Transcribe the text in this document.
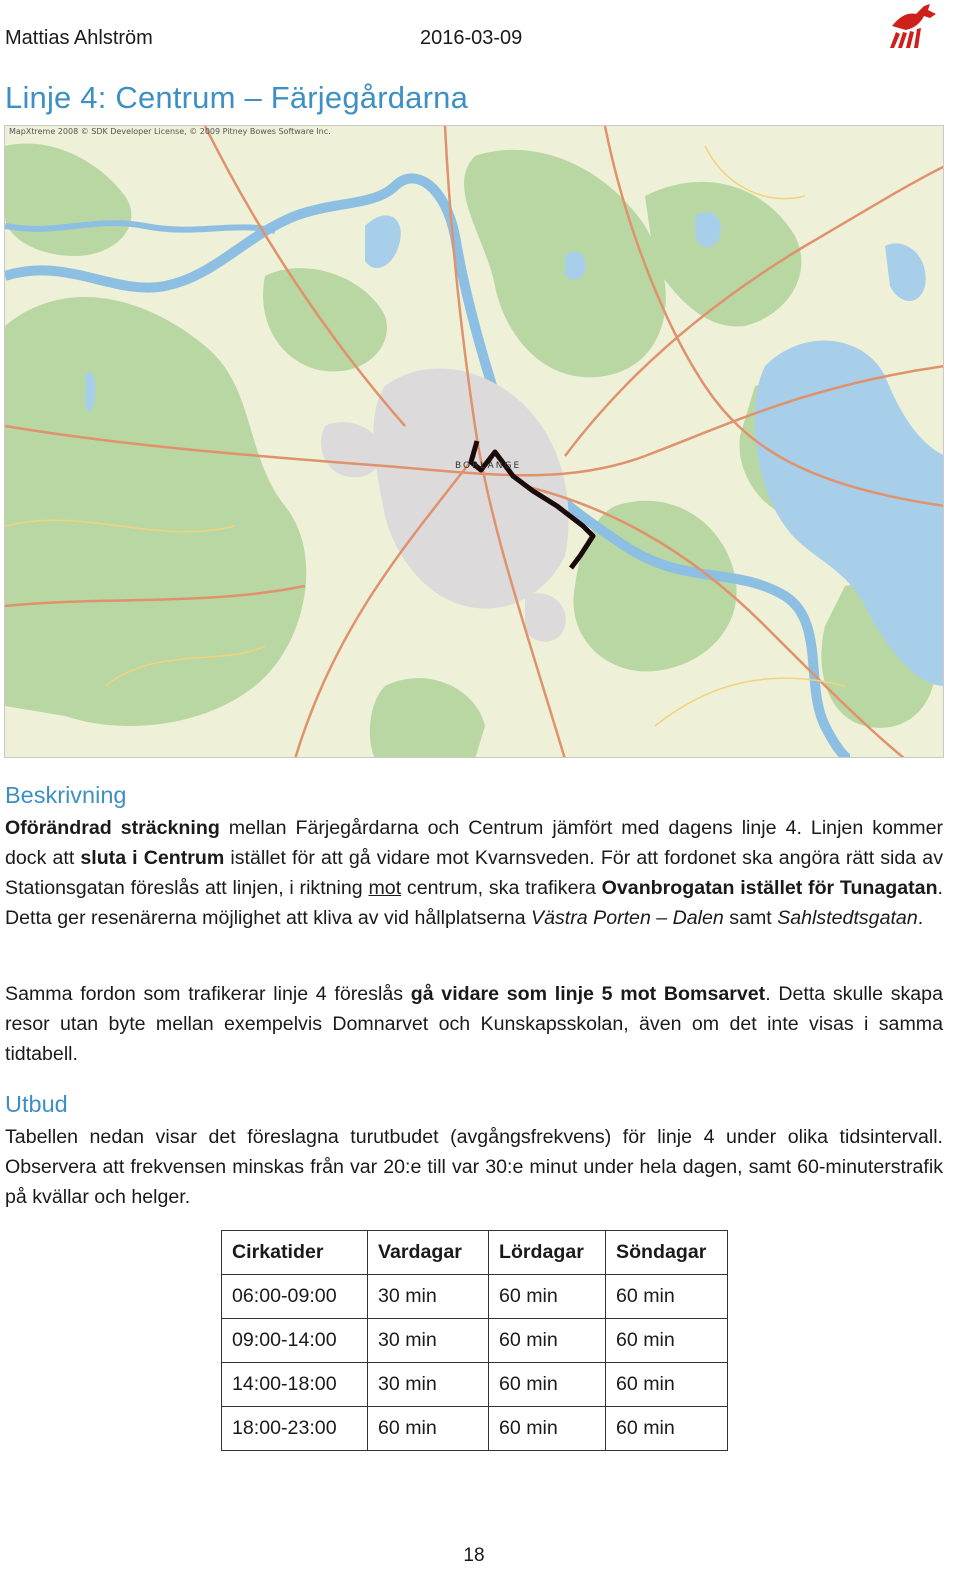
Mattias Ahlström	2016-03-09
Linje 4: Centrum – Färjegårdarna
BORLÄNGE
MapXtreme 2008 © SDK Developer License, © 2009 Pitney Bowes Software Inc.
Beskrivning

Oförändrad sträckning mellan Färjegårdarna och Centrum jämfört med dagens linje 4. Linjen kommer dock att sluta i Centrum istället för att gå vidare mot Kvarnsveden. För att fordonet ska angöra rätt sida av Stationsgatan föreslås att linjen, i riktning mot centrum, ska trafikera Ovanbrogatan istället för Tunagatan. Detta ger resenärerna möjlighet att kliva av vid hållplatserna Västra Porten – Dalen samt Sahlstedtsgatan.

Samma fordon som trafikerar linje 4 föreslås gå vidare som linje 5 mot Bomsarvet. Detta skulle skapa resor utan byte mellan exempelvis Domnarvet och Kunskapsskolan, även om det inte visas i samma tidtabell.

Utbud

Tabellen nedan visar det föreslagna turutbudet (avgångsfrekvens) för linje 4 under olika tidsintervall. Observera att frekvensen minskas från var 20:e till var 30:e minut under hela dagen, samt 60-minuterstrafik på kvällar och helger.

Cirkatider	Vardagar	Lördagar	Söndagar
06:00-09:00	30 min	60 min	60 min
09:00-14:00	30 min	60 min	60 min
14:00-18:00	30 min	60 min	60 min
18:00-23:00	60 min	60 min	60 min
18
